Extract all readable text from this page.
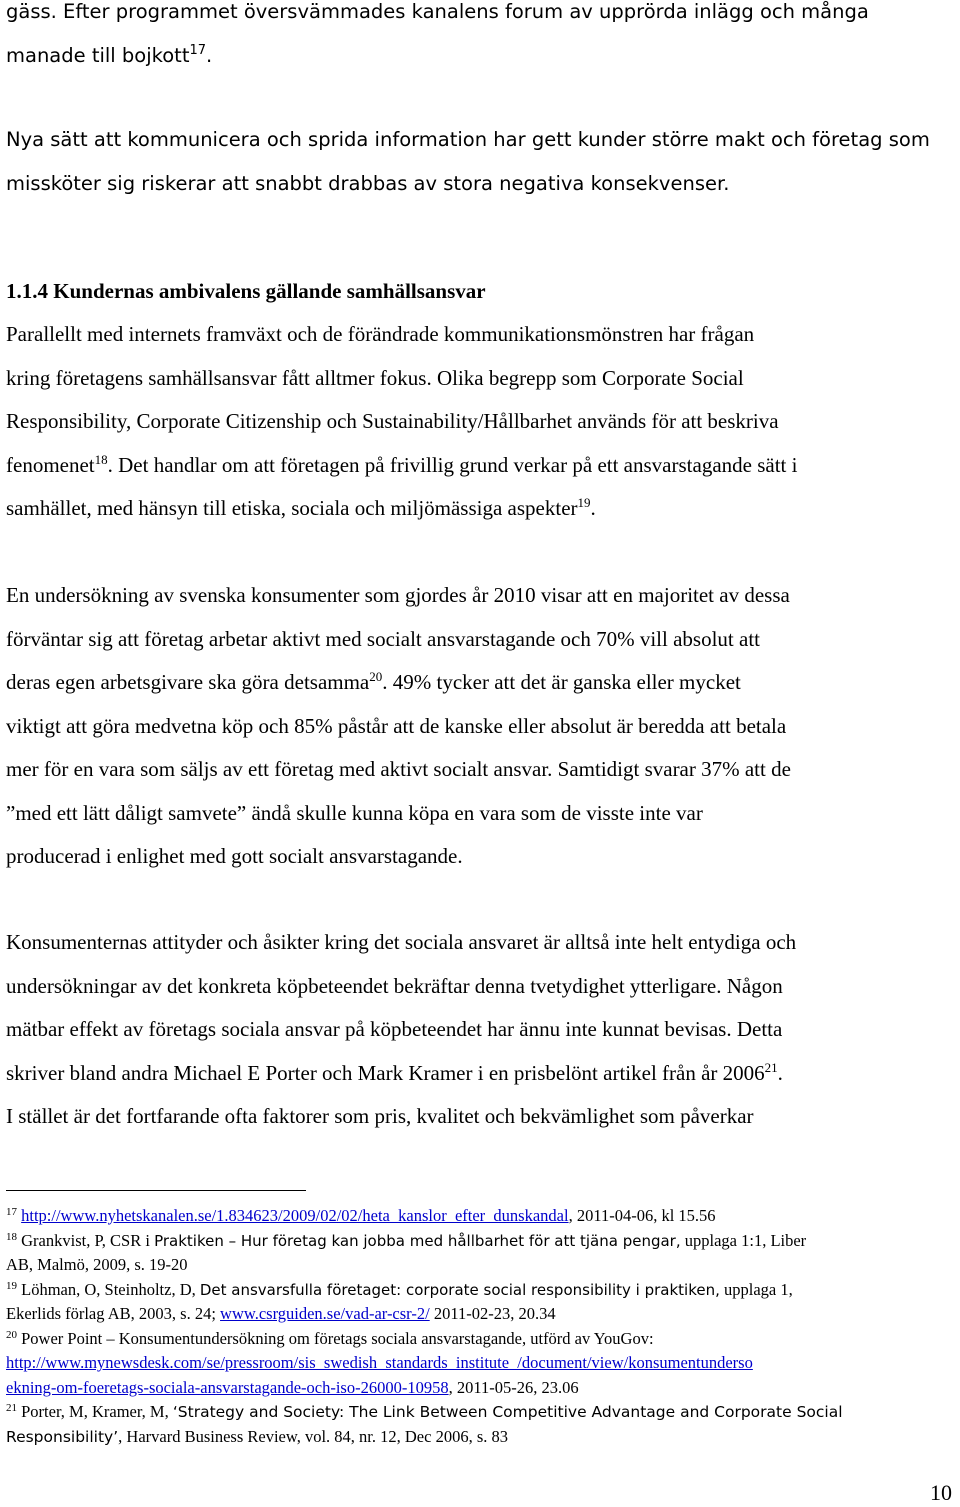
gäss. Efter programmet översvämmades kanalens forum av upprörda inlägg och många

manade till bojkott$^{17}$.

Nya sätt att kommunicera och sprida information har gett kunder större makt och företag som

missköter sig riskerar att snabbt drabbas av stora negativa konsekvenser.

1.1.4 Kundernas ambivalens gällande samhällsansvar

Parallellt med internets framväxt och de förändrade kommunikationsmönstren har frågan

kring företagens samhällsansvar fått alltmer fokus. Olika begrepp som Corporate Social

Responsibility, Corporate Citizenship och Sustainability/Hållbarhet används för att beskriva

fenomenet$^{18}$. Det handlar om att företagen på frivillig grund verkar på ett ansvarstagande sätt i

samhället, med hänsyn till etiska, sociala och miljömässiga aspekter$^{19}$.

En undersökning av svenska konsumenter som gjordes år 2010 visar att en majoritet av dessa

förväntar sig att företag arbetar aktivt med socialt ansvarstagande och 70% vill absolut att

deras egen arbetsgivare ska göra detsamma$^{20}$. 49% tycker att det är ganska eller mycket

viktigt att göra medvetna köp och 85% påstår att de kanske eller absolut är beredda att betala

mer för en vara som säljs av ett företag med aktivt socialt ansvar. Samtidigt svarar 37% att de

”med ett lätt dåligt samvete” ändå skulle kunna köpa en vara som de visste inte var

producerad i enlighet med gott socialt ansvarstagande.

Konsumenternas attityder och åsikter kring det sociala ansvaret är alltså inte helt entydiga och

undersökningar av det konkreta köpbeteendet bekräftar denna tvetydighet ytterligare. Någon

mätbar effekt av företags sociala ansvar på köpbeteendet har ännu inte kunnat bevisas. Detta

skriver bland andra Michael E Porter och Mark Kramer i en prisbelönt artikel från år 2006$^{21}$.

I stället är det fortfarande ofta faktorer som pris, kvalitet och bekvämlighet som påverkar

$^{17}$ http://www.nyhetskanalen.se/1.834623/2009/02/02/heta_kanslor_efter_dunskandal, 2011-04-06, kl 15.56

$^{18}$ Grankvist, P, CSR i Praktiken – Hur företag kan jobba med hållbarhet för att tjäna pengar, upplaga 1:1, Liber

AB, Malmö, 2009, s. 19-20

$^{19}$ Löhman, O, Steinholtz, D, Det ansvarsfulla företaget: corporate social responsibility i praktiken, upplaga 1,

Ekerlids förlag AB, 2003, s. 24; www.csrguiden.se/vad-ar-csr-2/ 2011-02-23, 20.34

$^{20}$ Power Point – Konsumentundersökning om företags sociala ansvarstagande, utförd av YouGov:

http://www.mynewsdesk.com/se/pressroom/sis_swedish_standards_institute_/document/view/konsumentunderso

ekning-om-foeretags-sociala-ansvarstagande-och-iso-26000-10958, 2011-05-26, 23.06

$^{21}$ Porter, M, Kramer, M, ‘Strategy and Society: The Link Between Competitive Advantage and Corporate Social

Responsibility’, Harvard Business Review, vol. 84, nr. 12, Dec 2006, s. 83

10
